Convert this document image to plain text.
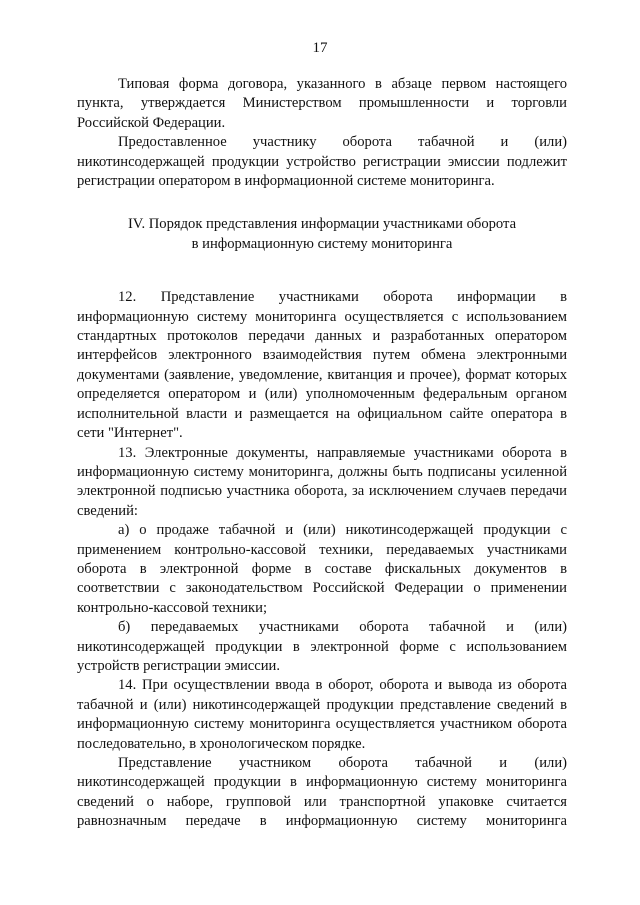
17

Типовая форма договора, указанного в абзаце первом настоящего пункта, утверждается Министерством промышленности и торговли Российской Федерации.

Предоставленное участнику оборота табачной и (или) никотинсодержащей продукции устройство регистрации эмиссии подлежит регистрации оператором в информационной системе мониторинга.

IV. Порядок представления информации участниками оборота
в информационную систему мониторинга

12. Представление участниками оборота информации в информационную систему мониторинга осуществляется с использованием стандартных протоколов передачи данных и разработанных оператором интерфейсов электронного взаимодействия путем обмена электронными документами (заявление, уведомление, квитанция и прочее), формат которых определяется оператором и (или) уполномоченным федеральным органом исполнительной власти и размещается на официальном сайте оператора в сети "Интернет".

13. Электронные документы, направляемые участниками оборота в информационную систему мониторинга, должны быть подписаны усиленной электронной подписью участника оборота, за исключением случаев передачи сведений:

а) о продаже табачной и (или) никотинсодержащей продукции с применением контрольно-кассовой техники, передаваемых участниками оборота в электронной форме в составе фискальных документов в соответствии с законодательством Российской Федерации о применении контрольно-кассовой техники;

б) передаваемых участниками оборота табачной и (или) никотинсодержащей продукции в электронной форме с использованием устройств регистрации эмиссии.

14. При осуществлении ввода в оборот, оборота и вывода из оборота табачной и (или) никотинсодержащей продукции представление сведений в информационную систему мониторинга осуществляется участником оборота последовательно, в хронологическом порядке.

Представление участником оборота табачной и (или) никотинсодержащей продукции в информационную систему мониторинга сведений о наборе, групповой или транспортной упаковке считается равнозначным передаче в информационную систему мониторинга
